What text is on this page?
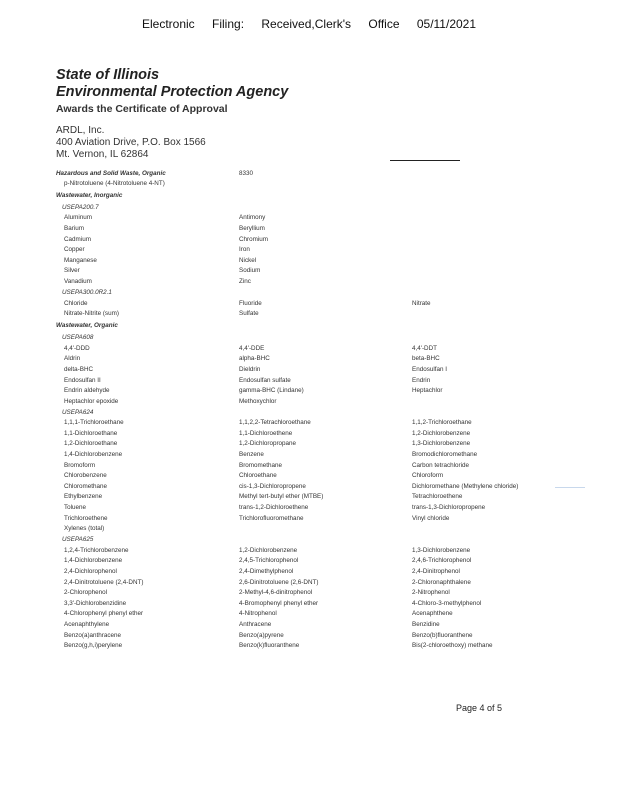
Electronic Filing: Received,Clerk's Office 05/11/2021
State of Illinois
Environmental Protection Agency
Awards the Certificate of Approval
ARDL, Inc.
400 Aviation Drive, P.O. Box 1566
Mt. Vernon, IL 62864
Hazardous and Solid Waste, Organic	8330
p-Nitrotoluene (4-Nitrotoluene 4-NT)
Wastewater, Inorganic
USEPA200.7
Aluminum	Antimony
Barium	Beryllium
Cadmium	Chromium
Copper	Iron
Manganese	Nickel
Silver	Sodium
Vanadium	Zinc
USEPA300.0R2.1
Chloride	Fluoride	Nitrate
Nitrate-Nitrite (sum)	Sulfate
Wastewater, Organic
USEPA608
4,4'-DDD	4,4'-DDE	4,4'-DDT
Aldrin	alpha-BHC	beta-BHC
delta-BHC	Dieldrin	Endosulfan I
Endosulfan II	Endosulfan sulfate	Endrin
Endrin aldehyde	gamma-BHC (Lindane)	Heptachlor
Heptachlor epoxide	Methoxychlor
USEPA624
1,1,1-Trichloroethane	1,1,2,2-Tetrachloroethane	1,1,2-Trichloroethane
1,1-Dichloroethane	1,1-Dichloroethene	1,2-Dichlorobenzene
1,2-Dichloroethane	1,2-Dichloropropane	1,3-Dichlorobenzene
1,4-Dichlorobenzene	Benzene	Bromodichloromethane
Bromoform	Bromomethane	Carbon tetrachloride
Chlorobenzene	Chloroethane	Chloroform
Chloromethane	cis-1,3-Dichloropropene	Dichloromethane (Methylene chloride)
Ethylbenzene	Methyl tert-butyl ether (MTBE)	Tetrachloroethene
Toluene	trans-1,2-Dichloroethene	trans-1,3-Dichloropropene
Trichloroethene	Trichlorofluoromethane	Vinyl chloride
Xylenes (total)
USEPA625
1,2,4-Trichlorobenzene	1,2-Dichlorobenzene	1,3-Dichlorobenzene
1,4-Dichlorobenzene	2,4,5-Trichlorophenol	2,4,6-Trichlorophenol
2,4-Dichlorophenol	2,4-Dimethylphenol	2,4-Dinitrophenol
2,4-Dinitrotoluene (2,4-DNT)	2,6-Dinitrotoluene (2,6-DNT)	2-Chloronaphthalene
2-Chlorophenol	2-Methyl-4,6-dinitrophenol	2-Nitrophenol
3,3'-Dichlorobenzidine	4-Bromophenyl phenyl ether	4-Chloro-3-methylphenol
4-Chlorophenyl phenyl ether	4-Nitrophenol	Acenaphthene
Acenaphthylene	Anthracene	Benzidine
Benzo(a)anthracene	Benzo(a)pyrene	Benzo(b)fluoranthene
Benzo(g,h,i)perylene	Benzo(k)fluoranthene	Bis(2-chloroethoxy) methane
Page 4 of 5
